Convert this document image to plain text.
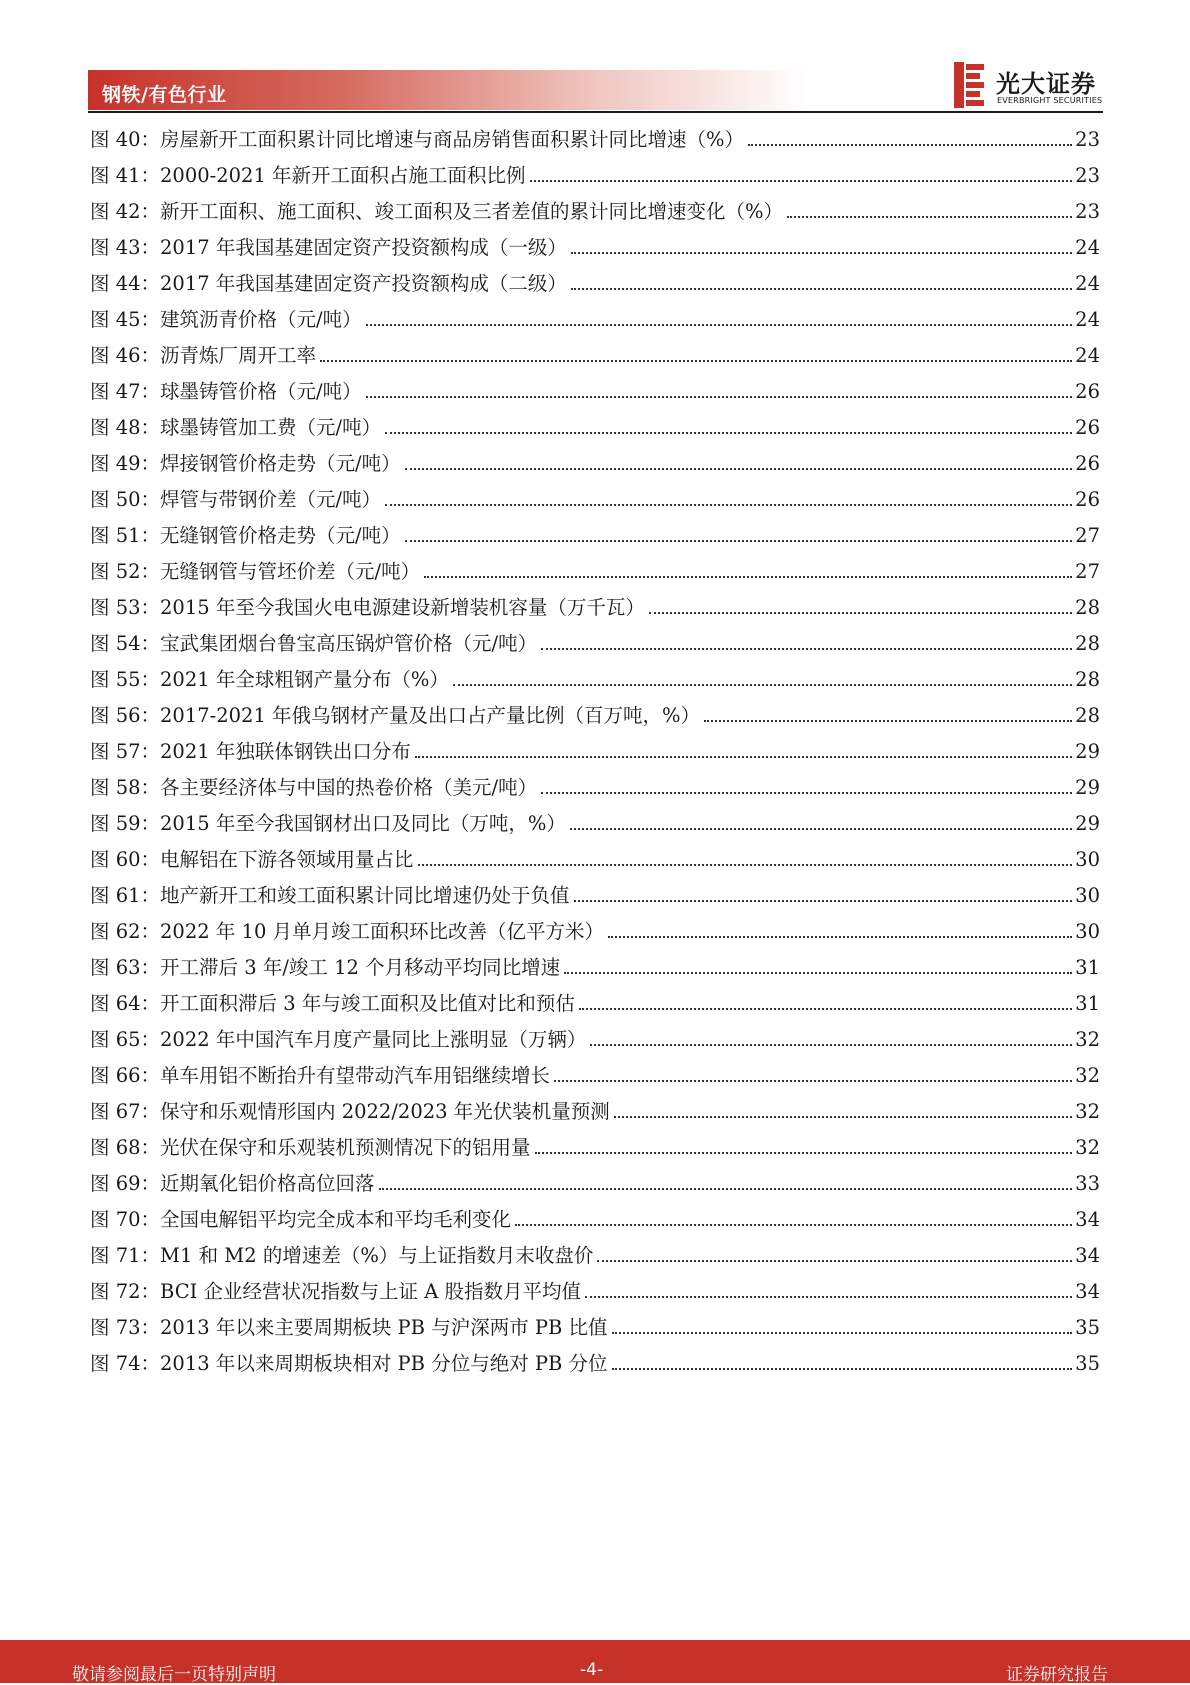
钢铁/有色行业	光大证券
EVERBRIGHT SECURITIES
图 40： 房屋新开工面积累计同比增速与商品房销售面积累计同比增速（%）	23
图 41： 2000-2021 年新开工面积占施工面积比例	23
图 42： 新开工面积、施工面积、竣工面积及三者差值的累计同比增速变化（%）	23
图 43： 2017 年我国基建固定资产投资额构成（一级）	24
图 44： 2017 年我国基建固定资产投资额构成（二级）	24
图 45： 建筑沥青价格（元/吨）	24
图 46： 沥青炼厂周开工率	24
图 47： 球墨铸管价格（元/吨）	26
图 48： 球墨铸管加工费（元/吨）	26
图 49： 焊接钢管价格走势（元/吨）	26
图 50： 焊管与带钢价差（元/吨）	26
图 51： 无缝钢管价格走势（元/吨）	27
图 52： 无缝钢管与管坯价差（元/吨）	27
图 53： 2015 年至今我国火电电源建设新增装机容量（万千瓦）	28
图 54： 宝武集团烟台鲁宝高压锅炉管价格（元/吨）	28
图 55： 2021 年全球粗钢产量分布（%）	28
图 56： 2017-2021 年俄乌钢材产量及出口占产量比例（百万吨，%）	28
图 57： 2021 年独联体钢铁出口分布	29
图 58： 各主要经济体与中国的热卷价格（美元/吨）	29
图 59： 2015 年至今我国钢材出口及同比（万吨，%）	29
图 60： 电解铝在下游各领域用量占比	30
图 61： 地产新开工和竣工面积累计同比增速仍处于负值	30
图 62： 2022 年 10 月单月竣工面积环比改善（亿平方米）	30
图 63： 开工滞后 3 年/竣工 12 个月移动平均同比增速	31
图 64： 开工面积滞后 3 年与竣工面积及比值对比和预估	31
图 65： 2022 年中国汽车月度产量同比上涨明显（万辆）	32
图 66： 单车用铝不断抬升有望带动汽车用铝继续增长	32
图 67： 保守和乐观情形国内 2022/2023 年光伏装机量预测	32
图 68： 光伏在保守和乐观装机预测情况下的铝用量	32
图 69： 近期氧化铝价格高位回落	33
图 70： 全国电解铝平均完全成本和平均毛利变化	34
图 71： M1 和 M2 的增速差（%）与上证指数月末收盘价	34
图 72： BCI 企业经营状况指数与上证 A 股指数月平均值	34
图 73： 2013 年以来主要周期板块 PB 与沪深两市 PB 比值	35
图 74： 2013 年以来周期板块相对 PB 分位与绝对 PB 分位	35
敬请参阅最后一页特别声明	-4-	证券研究报告
